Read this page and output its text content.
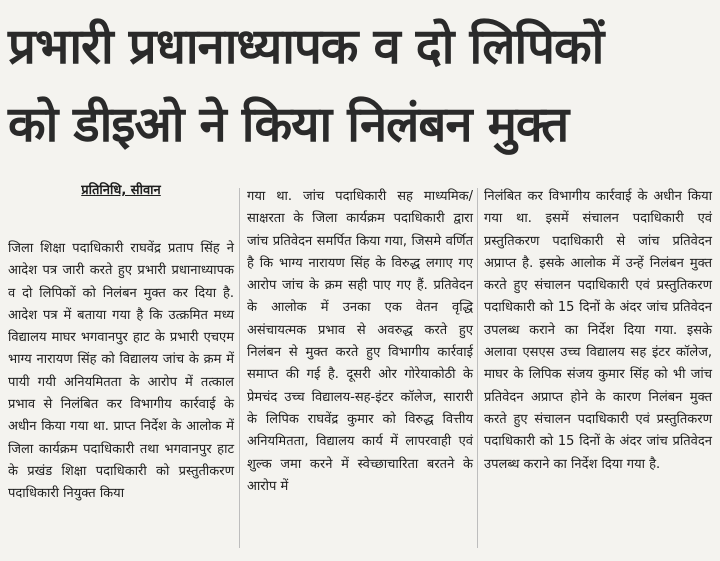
प्रभारी प्रधानाध्यापक व दो लिपिकों
को डीइओ ने किया निलंबन मुक्त
प्रतिनिधि, सीवान

जिला शिक्षा पदाधिकारी राघवेंद्र प्रताप सिंह ने आदेश पत्र जारी करते हुए प्रभारी प्रधानाध्यापक व दो लिपिकों को निलंबन मुक्त कर दिया है. आदेश पत्र में बताया गया है कि उत्क्रमित मध्य विद्यालय माघर भगवानपुर हाट के प्रभारी एचएम भाग्य नारायण सिंह को विद्यालय जांच के क्रम में पायी गयी अनियमितता के आरोप में तत्काल प्रभाव से निलंबित कर विभागीय कार्रवाई के अधीन किया गया था. प्राप्त निर्देश के आलोक में जिला कार्यक्रम पदाधिकारी तथा भगवानपुर हाट के प्रखंड शिक्षा पदाधिकारी को प्रस्तुतीकरण पदाधिकारी नियुक्त किया

गया था. जांच पदाधिकारी सह माध्यमिक/ साक्षरता के जिला कार्यक्रम पदाधिकारी द्वारा जांच प्रतिवेदन समर्पित किया गया, जिसमे वर्णित है कि भाग्य नारायण सिंह के विरुद्ध लगाए गए आरोप जांच के क्रम सही पाए गए हैं. प्रतिवेदन के आलोक में उनका एक वेतन वृद्धि असंचायत्मक प्रभाव से अवरुद्ध करते हुए निलंबन से मुक्त करते हुए विभागीय कार्रवाई समाप्त की गई है. दूसरी ओर गोरेयाकोठी के प्रेमचंद उच्च विद्यालय-सह-इंटर कॉलेज, सारारी के लिपिक राघवेंद्र कुमार को विरुद्ध वित्तीय अनियमितता, विद्यालय कार्य में लापरवाही एवं शुल्क जमा करने में स्वेच्छाचारिता बरतने के आरोप में

निलंबित कर विभागीय कार्रवाई के अधीन किया गया था. इसमें संचालन पदाधिकारी एवं प्रस्तुतिकरण पदाधिकारी से जांच प्रतिवेदन अप्राप्त है. इसके आलोक में उन्हें निलंबन मुक्त करते हुए संचालन पदाधिकारी एवं प्रस्तुतिकरण पदाधिकारी को 15 दिनों के अंदर जांच प्रतिवेदन उपलब्ध कराने का निर्देश दिया गया. इसके अलावा एसएस उच्च विद्यालय सह इंटर कॉलेज, माघर के लिपिक संजय कुमार सिंह को भी जांच प्रतिवेदन अप्राप्त होने के कारण निलंबन मुक्त करते हुए संचालन पदाधिकारी एवं प्रस्तुतिकरण पदाधिकारी को 15 दिनों के अंदर जांच प्रतिवेदन उपलब्ध कराने का निर्देश दिया गया है.
